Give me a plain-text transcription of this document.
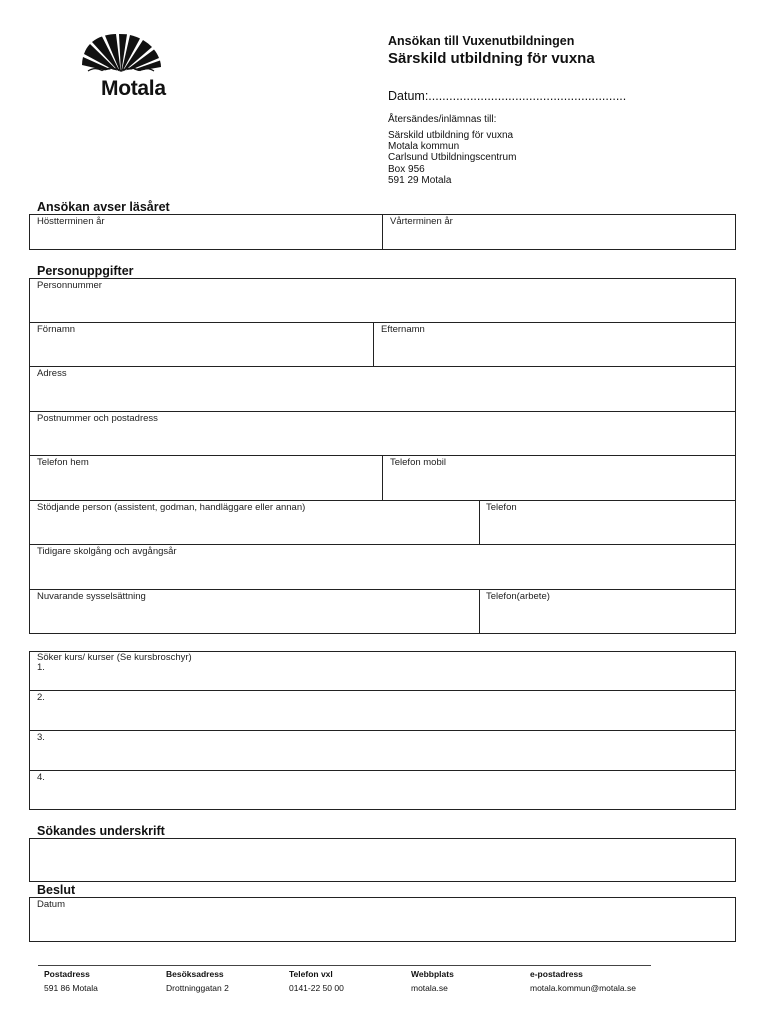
Motala
Ansökan till Vuxenutbildningen
Särskild utbildning för vuxna
Datum:.........................................................
Återsändes/inlämnas till:
Särskild utbildning för vuxna
Motala kommun
Carlsund Utbildningscentrum
Box 956
591 29 Motala
Ansökan avser läsåret
Höstterminen år	Vårterminen år
Personuppgifter
Personnummer
Förnamn	Efternamn
Adress
Postnummer och postadress
Telefon hem	Telefon mobil
Stödjande person (assistent, godman, handläggare eller annan)	Telefon
Tidigare skolgång och avgångsår
Nuvarande sysselsättning	Telefon(arbete)
Söker kurs/ kurser (Se kursbroschyr)
1.
2.
3.
4.
Sökandes underskrift
Beslut
Datum
Postadress
591 86 Motala
Besöksadress
Drottninggatan 2
Telefon vxl
0141-22 50 00
Webbplats
motala.se
e-postadress
motala.kommun@motala.se
